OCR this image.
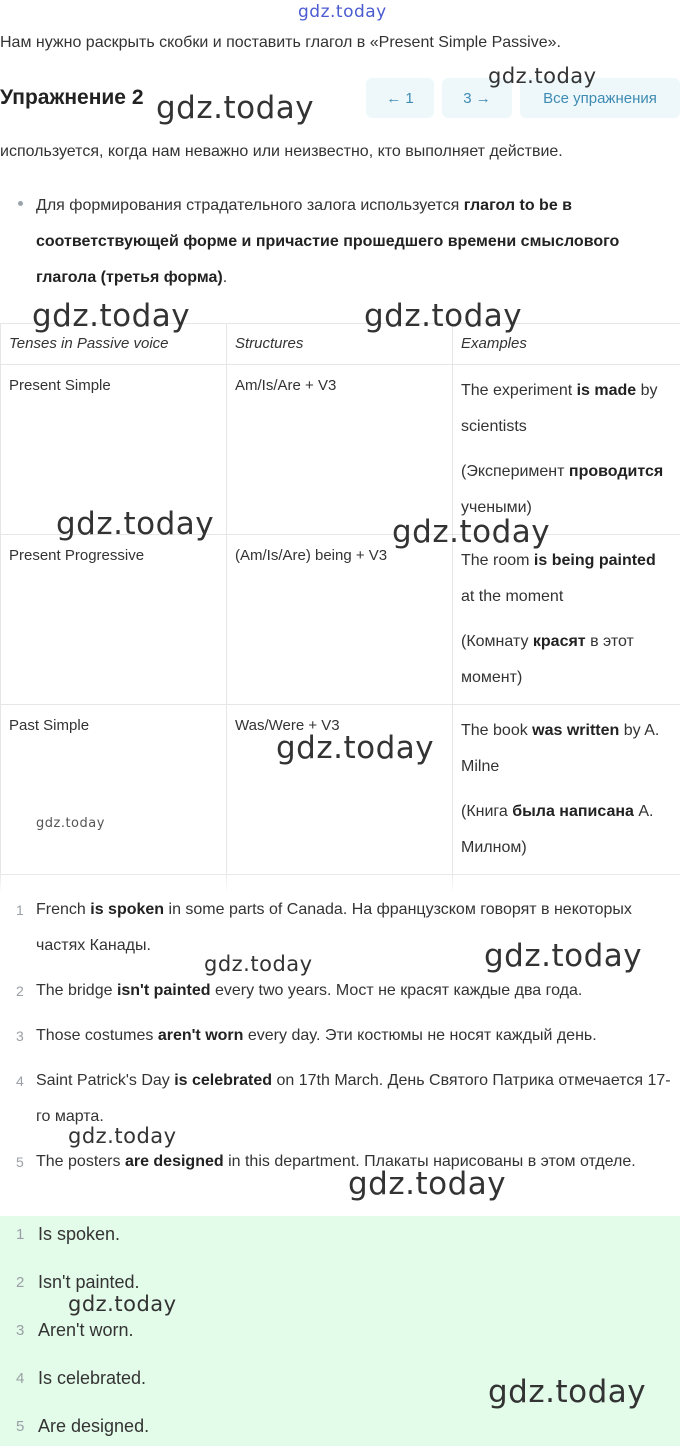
gdz.today
Нам нужно раскрыть скобки и поставить глагол в «Present Simple Passive».
Упражнение 2	← 1	3 →	Все упражнения
используется, когда нам неважно или неизвестно, кто выполняет действие.
Для формирования страдательного залога используется глагол to be в соответствующей форме и причастие прошедшего времени смыслового глагола (третья форма).
Tenses in Passive voice	Structures	Examples

Present Simple	Am/Is/Are + V3	The experiment is made by scientists
(Эксперимент проводится учеными)

Present Progressive	(Am/Is/Are) being + V3	The room is being painted at the moment
(Комнату красят в этот момент)

Past Simple	Was/Were + V3	The book was written by A. Milne
(Книга была написана А. Милном)

1 French is spoken in some parts of Canada. На французском говорят в некоторых частях Канады.
2 The bridge isn't painted every two years. Мост не красят каждые два года.
3 Those costumes aren't worn every day. Эти костюмы не носят каждый день.
4 Saint Patrick's Day is celebrated on 17th March. День Святого Патрика отмечается 17-го марта.
5 The posters are designed in this department. Плакаты нарисованы в этом отделе.
1 Is spoken.
2 Isn't painted.
3 Aren't worn.
4 Is celebrated.
5 Are designed.
gdz.today
gdz.today
gdz.today	gdz.today
gdz.today	gdz.today
gdz.today
gdz.today
gdz.today	gdz.today
gdz.today
gdz.today
gdz.today
gdz.today
